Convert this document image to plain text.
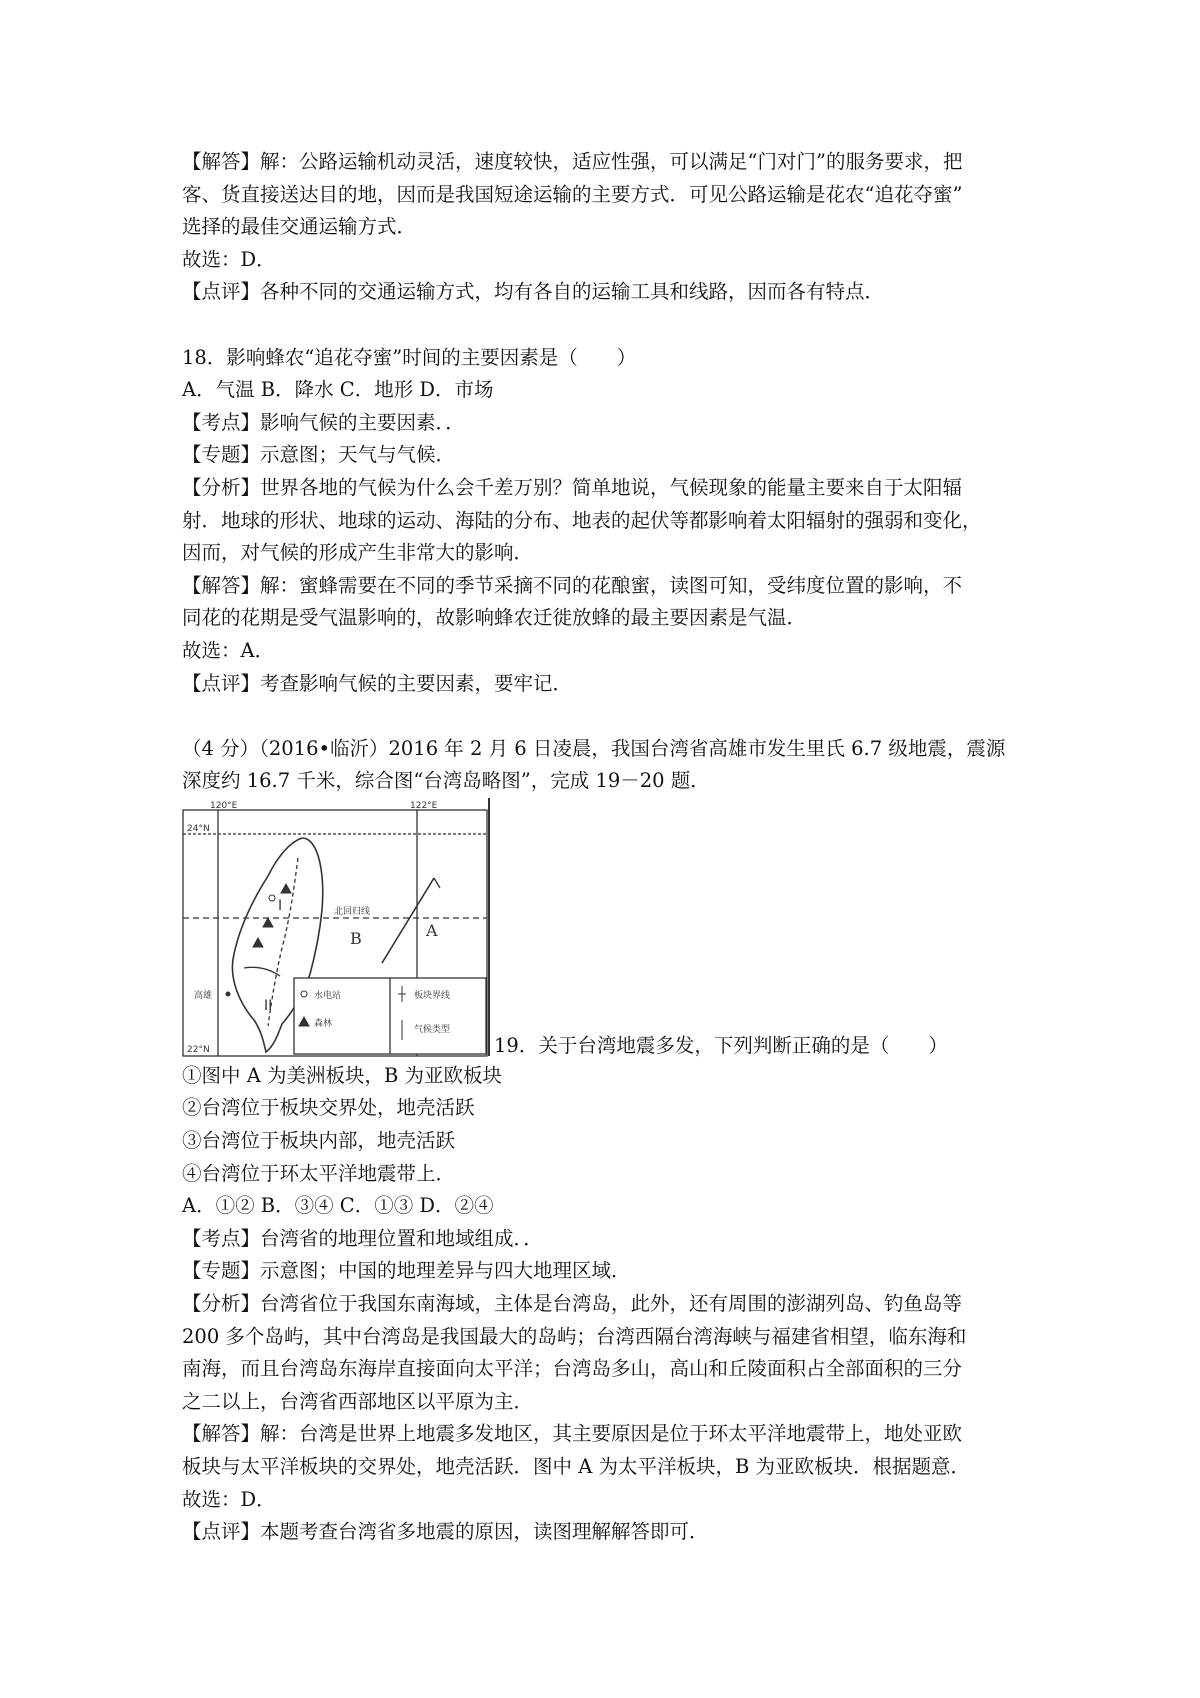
【解答】解：公路运输机动灵活，速度较快，适应性强，可以满足“门对门”的服务要求，把
客、货直接送达目的地，因而是我国短途运输的主要方式．可见公路运输是花农“追花夺蜜”
选择的最佳交通运输方式．
故选：D．
【点评】各种不同的交通运输方式，均有各自的运输工具和线路，因而各有特点．
18．影响蜂农“追花夺蜜”时间的主要因素是（　　）
A．气温 B．降水 C．地形 D．市场
【考点】影响气候的主要因素．．
【专题】示意图；天气与气候．
【分析】世界各地的气候为什么会千差万别？简单地说，气候现象的能量主要来自于太阳辐
射．地球的形状、地球的运动、海陆的分布、地表的起伏等都影响着太阳辐射的强弱和变化，
因而，对气候的形成产生非常大的影响．
【解答】解：蜜蜂需要在不同的季节采摘不同的花酿蜜，读图可知，受纬度位置的影响，不
同花的花期是受气温影响的，故影响蜂农迁徙放蜂的最主要因素是气温．
故选：A．
【点评】考查影响气候的主要因素，要牢记．
（4 分）（2016•临沂）2016 年 2 月 6 日凌晨，我国台湾省高雄市发生里氏 6.7 级地震，震源
深度约 16.7 千米，综合图“台湾岛略图”，完成 19－20 题．
120°E	122°E
24°N
22°N
北回归线
B	A
I
II
高雄	水电站
森林
板块界线
气候类型
19．关于台湾地震多发，下列判断正确的是（　　）
①图中 A 为美洲板块，B 为亚欧板块
②台湾位于板块交界处，地壳活跃
③台湾位于板块内部，地壳活跃
④台湾位于环太平洋地震带上．
A．①② B．③④ C．①③ D．②④
【考点】台湾省的地理位置和地域组成．．
【专题】示意图；中国的地理差异与四大地理区域．
【分析】台湾省位于我国东南海域，主体是台湾岛，此外，还有周围的澎湖列岛、钓鱼岛等
200 多个岛屿，其中台湾岛是我国最大的岛屿；台湾西隔台湾海峡与福建省相望，临东海和
南海，而且台湾岛东海岸直接面向太平洋；台湾岛多山，高山和丘陵面积占全部面积的三分
之二以上，台湾省西部地区以平原为主．
【解答】解：台湾是世界上地震多发地区，其主要原因是位于环太平洋地震带上，地处亚欧
板块与太平洋板块的交界处，地壳活跃．图中 A 为太平洋板块，B 为亚欧板块．根据题意．
故选：D．
【点评】本题考查台湾省多地震的原因，读图理解解答即可．
